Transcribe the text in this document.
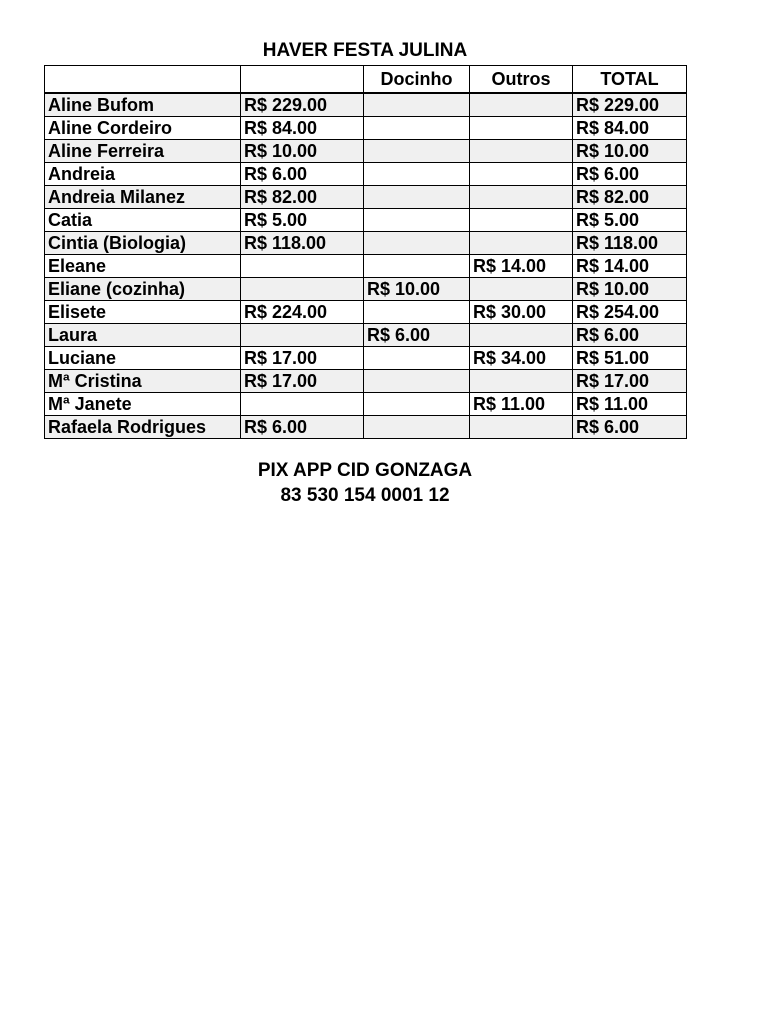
HAVER FESTA JULINA
		Docinho	Outros	TOTAL
Aline Bufom	R$ 229.00			R$ 229.00
Aline Cordeiro	R$ 84.00			R$ 84.00
Aline Ferreira	R$ 10.00			R$ 10.00
Andreia	R$ 6.00			R$ 6.00
Andreia Milanez	R$ 82.00			R$ 82.00
Catia	R$ 5.00			R$ 5.00
Cintia (Biologia)	R$ 118.00			R$ 118.00
Eleane			R$ 14.00	R$ 14.00
Eliane (cozinha)		R$ 10.00		R$ 10.00
Elisete	R$ 224.00		R$ 30.00	R$ 254.00
Laura		R$ 6.00		R$ 6.00
Luciane	R$ 17.00		R$ 34.00	R$ 51.00
Mª Cristina	R$ 17.00			R$ 17.00
Mª Janete			R$ 11.00	R$ 11.00
Rafaela Rodrigues	R$ 6.00			R$ 6.00
PIX APP CID GONZAGA
83 530 154 0001 12
